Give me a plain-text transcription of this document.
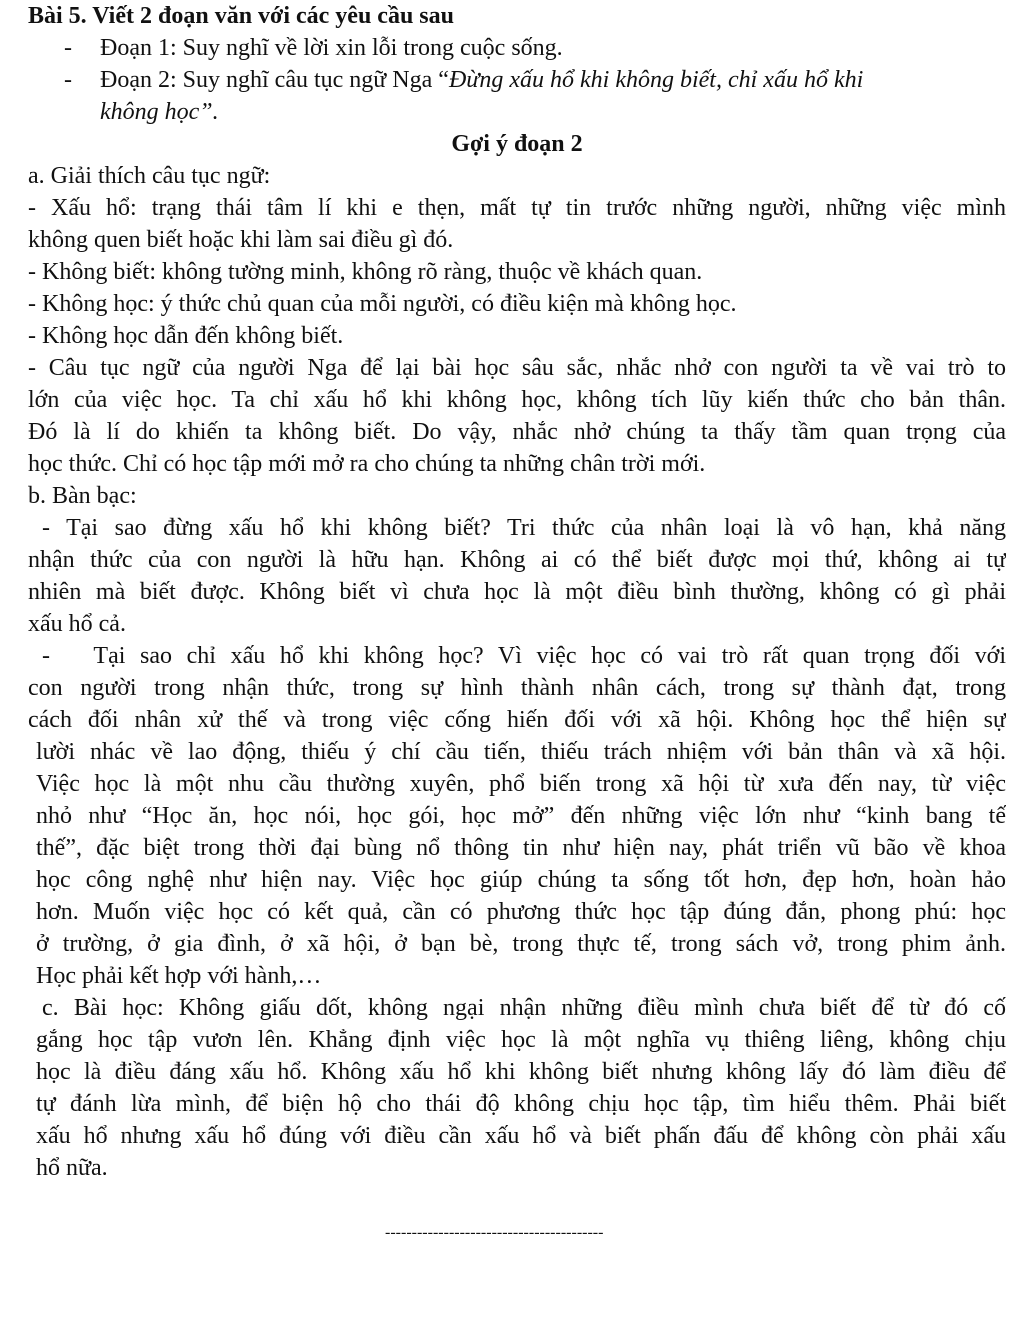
Bài 5. Viết 2 đoạn văn với các yêu cầu sau
-	Đoạn 1: Suy nghĩ về lời xin lỗi trong cuộc sống.
-	Đoạn 2: Suy nghĩ câu tục ngữ Nga “Đừng xấu hổ khi không biết, chỉ xấu hổ khi
không học”.
Gợi ý đoạn 2
a. Giải thích câu tục ngữ:
- Xấu hổ: trạng thái tâm lí khi e thẹn, mất tự tin trước những người, những việc mình
không quen biết hoặc khi làm sai điều gì đó.
- Không biết: không tường minh, không rõ ràng, thuộc về khách quan.
- Không học: ý thức chủ quan của mỗi người, có điều kiện mà không học.
- Không học dẫn đến không biết.
- Câu tục ngữ của người Nga để lại bài học sâu sắc, nhắc nhở con người ta về vai trò to
lớn của việc học. Ta chỉ xấu hổ khi không học, không tích lũy kiến thức cho bản thân.
Đó là lí do khiến ta không biết. Do vậy, nhắc nhở chúng ta thấy tầm quan trọng của
học thức. Chỉ có học tập mới mở ra cho chúng ta những chân trời mới.
b. Bàn bạc:
- Tại sao đừng xấu hổ khi không biết? Tri thức của nhân loại là vô hạn, khả năng
nhận thức của con người là hữu hạn. Không ai có thể biết được mọi thứ, không ai tự
nhiên mà biết được. Không biết vì chưa học là một điều bình thường, không có gì phải
xấu hổ cả.
-   Tại sao chỉ xấu hổ khi không học? Vì việc học có vai trò rất quan trọng đối với
con người trong nhận thức, trong sự hình thành nhân cách, trong sự thành đạt, trong
cách đối nhân xử thế và trong việc cống hiến đối với xã hội. Không học thể hiện sự
lười nhác về lao động, thiếu ý chí cầu tiến, thiếu trách nhiệm với bản thân và xã hội.
Việc học là một nhu cầu thường xuyên, phổ biến trong xã hội từ xưa đến nay, từ việc
nhỏ như “Học ăn, học nói, học gói, học mở” đến những việc lớn như “kinh bang tế
thế”, đặc biệt trong thời đại bùng nổ thông tin như hiện nay, phát triển vũ bão về khoa
học công nghệ như hiện nay. Việc học giúp chúng ta sống tốt hơn, đẹp hơn, hoàn hảo
hơn. Muốn việc học có kết quả, cần có phương thức học tập đúng đắn, phong phú: học
ở trường, ở gia đình, ở xã hội, ở bạn bè, trong thực tế, trong sách vở, trong phim ảnh.
Học phải kết hợp với hành,…
c. Bài học: Không giấu dốt, không ngại nhận những điều mình chưa biết để từ đó cố
gắng học tập vươn lên. Khẳng định việc học là một nghĩa vụ thiêng liêng, không chịu
học là điều đáng xấu hổ. Không xấu hổ khi không biết nhưng không lấy đó làm điều để
tự đánh lừa mình, để biện hộ cho thái độ không chịu học tập, tìm hiểu thêm. Phải biết
xấu hổ nhưng xấu hổ đúng với điều cần xấu hổ và biết phấn đấu để không còn phải xấu
hổ nữa.
-----------------------------------------
